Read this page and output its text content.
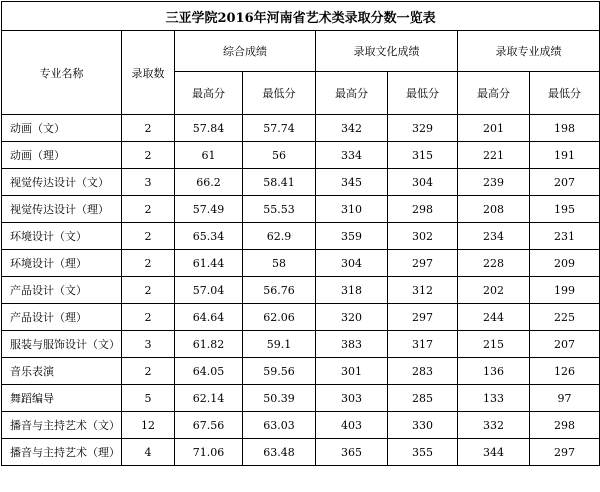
三亚学院2016年河南省艺术类录取分数一览表							
专业名称	录取数	综合成绩		录取文化成绩		录取专业成绩	
		最高分	最低分	最高分	最低分	最高分	最低分
动画（文）	2	57.84	57.74	342	329	201	198
动画（理）	2	61	56	334	315	221	191
视觉传达设计（文）	3	66.2	58.41	345	304	239	207
视觉传达设计（理）	2	57.49	55.53	310	298	208	195
环境设计（文）	2	65.34	62.9	359	302	234	231
环境设计（理）	2	61.44	58	304	297	228	209
产品设计（文）	2	57.04	56.76	318	312	202	199
产品设计（理）	2	64.64	62.06	320	297	244	225
服装与服饰设计（文）	3	61.82	59.1	383	317	215	207
音乐表演	2	64.05	59.56	301	283	136	126
舞蹈编导	5	62.14	50.39	303	285	133	97
播音与主持艺术（文）	12	67.56	63.03	403	330	332	298
播音与主持艺术（理）	4	71.06	63.48	365	355	344	297
